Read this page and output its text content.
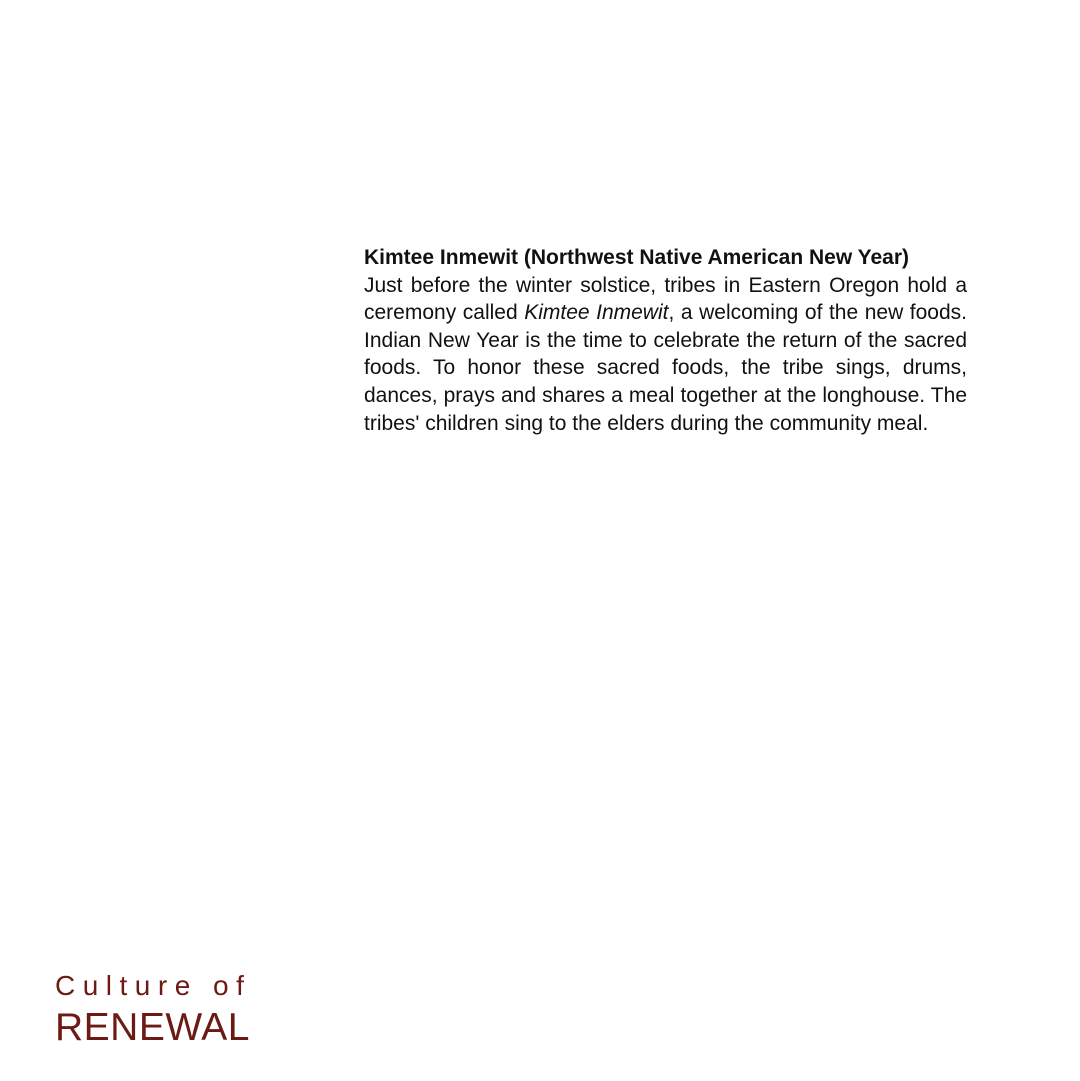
Kimtee Inmewit (Northwest Native American New Year)

Just before the winter solstice, tribes in Eastern Oregon hold a ceremony called Kimtee Inmewit, a welcoming of the new foods. Indian New Year is the time to celebrate the return of the sacred foods. To honor these sacred foods, the tribe sings, drums, dances, prays and shares a meal together at the longhouse. The tribes' children sing to the elders during the community meal.

Culture of
RENEWAL
